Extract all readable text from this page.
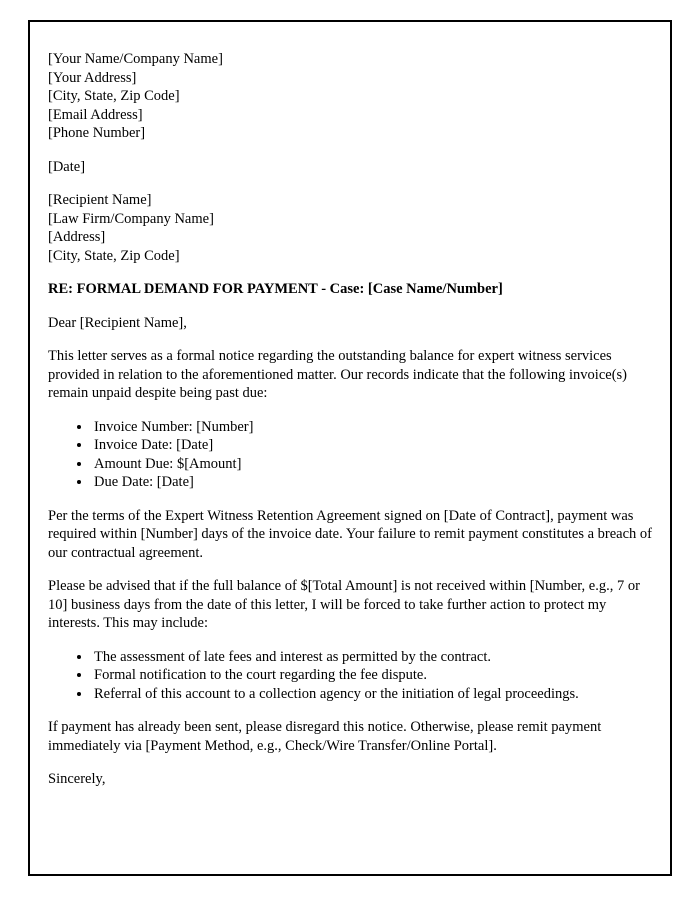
[Your Name/Company Name]

[Your Address]

[City, State, Zip Code]

[Email Address]

[Phone Number]

[Date]

[Recipient Name]

[Law Firm/Company Name]

[Address]

[City, State, Zip Code]

RE: FORMAL DEMAND FOR PAYMENT - Case: [Case Name/Number]

Dear [Recipient Name],

This letter serves as a formal notice regarding the outstanding balance for expert witness services provided in relation to the aforementioned matter. Our records indicate that the following invoice(s) remain unpaid despite being past due:

• Invoice Number: [Number]
• Invoice Date: [Date]
• Amount Due: $[Amount]
• Due Date: [Date]

Per the terms of the Expert Witness Retention Agreement signed on [Date of Contract], payment was required within [Number] days of the invoice date. Your failure to remit payment constitutes a breach of our contractual agreement.

Please be advised that if the full balance of $[Total Amount] is not received within [Number, e.g., 7 or 10] business days from the date of this letter, I will be forced to take further action to protect my interests. This may include:

• The assessment of late fees and interest as permitted by the contract.
• Formal notification to the court regarding the fee dispute.
• Referral of this account to a collection agency or the initiation of legal proceedings.

If payment has already been sent, please disregard this notice. Otherwise, please remit payment immediately via [Payment Method, e.g., Check/Wire Transfer/Online Portal].

Sincerely,
